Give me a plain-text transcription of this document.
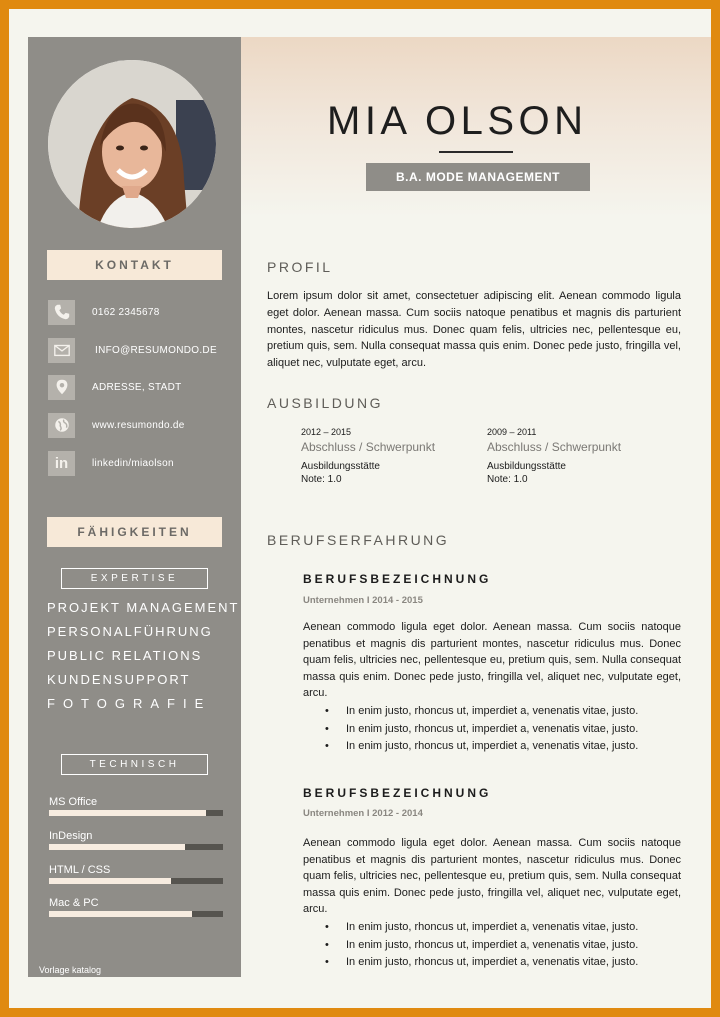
KONTAKT
0162 2345678
INFO@RESUMONDO.DE
ADRESSE, STADT
www.resumondo.de
in	linkedin/miaolson
FÄHIGKEITEN
EXPERTISE
PROJEKT MANAGEMENT
PERSONALFÜHRUNG
PUBLIC RELATIONS
KUNDENSUPPORT
FOTOGRAFIE
TECHNISCH
MS Office
InDesign
HTML / CSS
Mac & PC
Vorlage katalog
MIA OLSON
B.A. MODE MANAGEMENT
PROFIL
Lorem ipsum dolor sit amet, consectetuer adipiscing elit. Aenean commodo ligula eget dolor. Aenean massa. Cum sociis natoque penatibus et magnis dis parturient montes, nascetur ridiculus mus. Donec quam felis, ultricies nec, pellentesque eu, pretium quis, sem. Nulla consequat massa quis enim. Donec pede justo, fringilla vel, aliquet nec, vulputate eget, arcu.
AUSBILDUNG
2012 – 2015
Abschluss / Schwerpunkt
Ausbildungsstätte
Note: 1.0
2009 – 2011
Abschluss / Schwerpunkt
Ausbildungsstätte
Note: 1.0
BERUFSERFAHRUNG
BERUFSBEZEICHNUNG
Unternehmen I 2014 - 2015
Aenean commodo ligula eget dolor. Aenean massa. Cum sociis natoque penatibus et magnis dis parturient montes, nascetur ridiculus mus. Donec quam felis, ultricies nec, pellentesque eu, pretium quis, sem. Nulla consequat massa quis enim. Donec pede justo, fringilla vel, aliquet nec, vulputate eget, arcu.
• In enim justo, rhoncus ut, imperdiet a, venenatis vitae, justo.
• In enim justo, rhoncus ut, imperdiet a, venenatis vitae, justo.
• In enim justo, rhoncus ut, imperdiet a, venenatis vitae, justo.
BERUFSBEZEICHNUNG
Unternehmen I 2012 - 2014
Aenean commodo ligula eget dolor. Aenean massa. Cum sociis natoque penatibus et magnis dis parturient montes, nascetur ridiculus mus. Donec quam felis, ultricies nec, pellentesque eu, pretium quis, sem. Nulla consequat massa quis enim. Donec pede justo, fringilla vel, aliquet nec, vulputate eget, arcu.
• In enim justo, rhoncus ut, imperdiet a, venenatis vitae, justo.
• In enim justo, rhoncus ut, imperdiet a, venenatis vitae, justo.
• In enim justo, rhoncus ut, imperdiet a, venenatis vitae, justo.
